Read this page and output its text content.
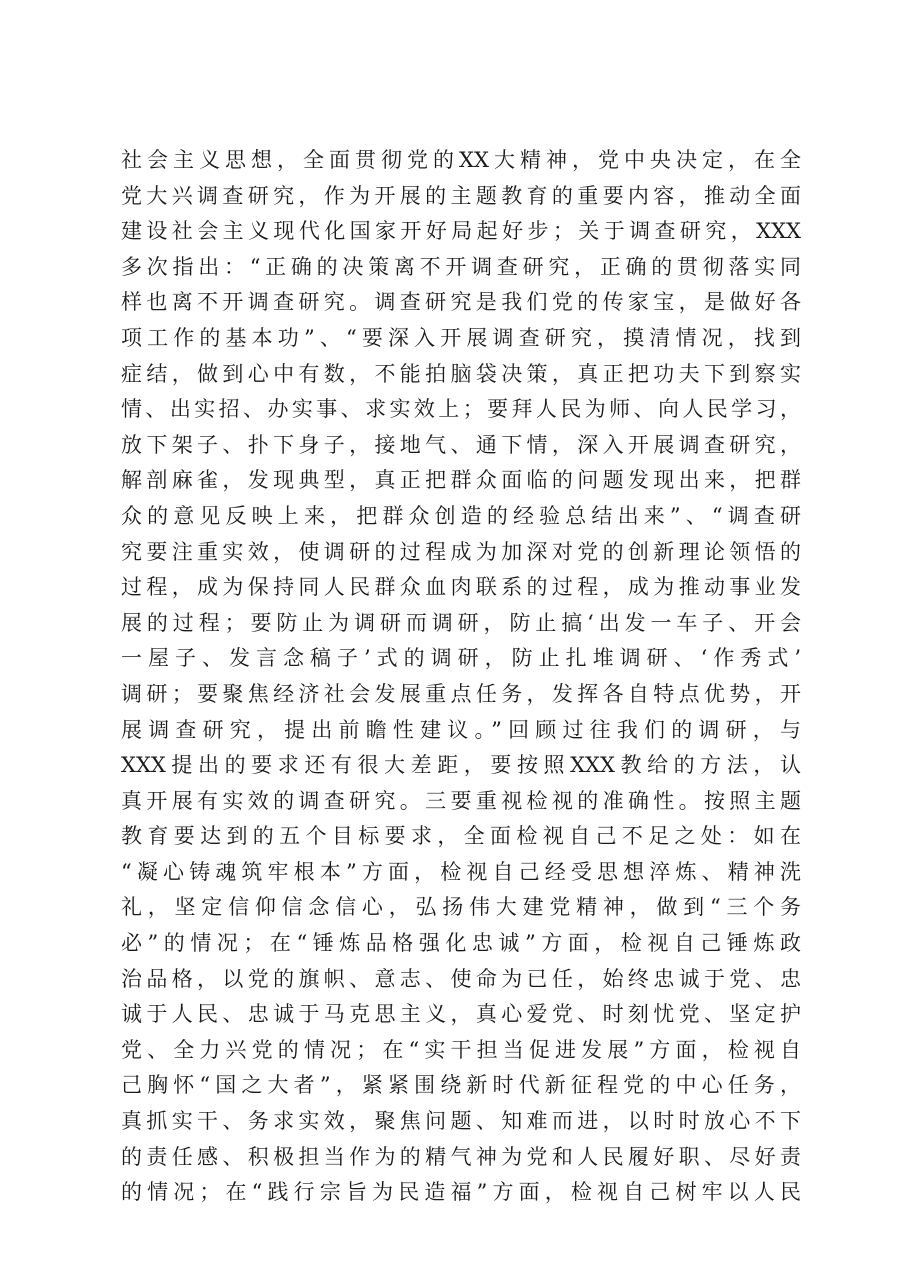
社会主义思想，全面贯彻党的XX大精神，党中央决定，在全
党大兴调查研究，作为开展的主题教育的重要内容，推动全面
建设社会主义现代化国家开好局起好步；关于调查研究，XXX
多次指出：“正确的决策离不开调查研究，正确的贯彻落实同
样也离不开调查研究。调查研究是我们党的传家宝，是做好各
项工作的基本功”、“要深入开展调查研究，摸清情况，找到
症结，做到心中有数，不能拍脑袋决策，真正把功夫下到察实
情、出实招、办实事、求实效上；要拜人民为师、向人民学习，
放下架子、扑下身子，接地气、通下情，深入开展调查研究，
解剖麻雀，发现典型，真正把群众面临的问题发现出来，把群
众的意见反映上来，把群众创造的经验总结出来”、“调查研
究要注重实效，使调研的过程成为加深对党的创新理论领悟的
过程，成为保持同人民群众血肉联系的过程，成为推动事业发
展的过程；要防止为调研而调研，防止搞‘出发一车子、开会
一屋子、发言念稿子’式的调研，防止扎堆调研、‘作秀式’
调研；要聚焦经济社会发展重点任务，发挥各自特点优势，开
展调查研究，提出前瞻性建议。”回顾过往我们的调研，与
XXX提出的要求还有很大差距，要按照XXX教给的方法，认
真开展有实效的调查研究。三要重视检视的准确性。按照主题
教育要达到的五个目标要求，全面检视自己不足之处：如在
“凝心铸魂筑牢根本”方面，检视自己经受思想淬炼、精神洗
礼，坚定信仰信念信心，弘扬伟大建党精神，做到“三个务
必”的情况；在“锤炼品格强化忠诚”方面，检视自己锤炼政
治品格，以党的旗帜、意志、使命为已任，始终忠诚于党、忠
诚于人民、忠诚于马克思主义，真心爱党、时刻忧党、坚定护
党、全力兴党的情况；在“实干担当促进发展”方面，检视自
己胸怀“国之大者”，紧紧围绕新时代新征程党的中心任务，
真抓实干、务求实效，聚焦问题、知难而进，以时时放心不下
的责任感、积极担当作为的精气神为党和人民履好职、尽好责
的情况；在“践行宗旨为民造福”方面，检视自己树牢以人民
